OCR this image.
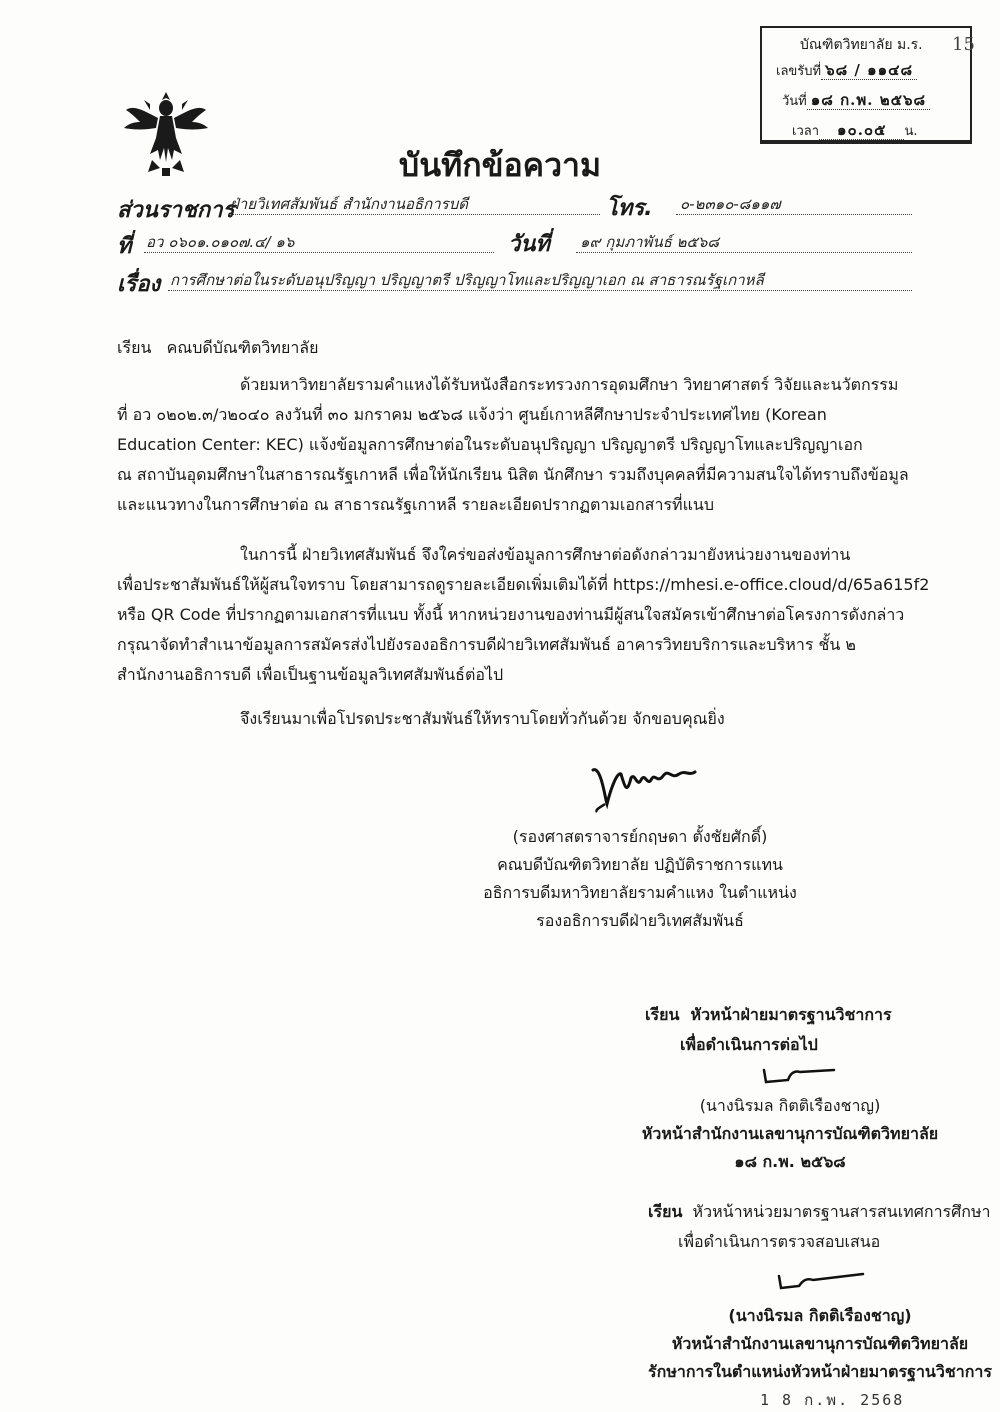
บัณฑิตวิทยาลัย ม.ร.
เลขรับที่ ๖๘ / ๑๑๔๘
วันที่ ๑๘ ก.พ. ๒๕๖๘
เวลา ๑๐.๐๕ น.
15
บันทึกข้อความ
ส่วนราชการ
ฝ่ายวิเทศสัมพันธ์ สำนักงานอธิการบดี	โทร. ๐-๒๓๑๐-๘๑๑๗
ที่ อว ๐๖๐๑.๐๑๐๗.๔/ ๑๖	วันที่ ๑๙ กุมภาพันธ์ ๒๕๖๘
เรื่อง การศึกษาต่อในระดับอนุปริญญา ปริญญาตรี ปริญญาโทและปริญญาเอก ณ สาธารณรัฐเกาหลี
เรียน คณบดีบัณฑิตวิทยาลัย
ด้วยมหาวิทยาลัยรามคำแหงได้รับหนังสือกระทรวงการอุดมศึกษา วิทยาศาสตร์ วิจัยและนวัตกรรม
ที่ อว ๐๒๐๒.๓/ว๒๐๔๐ ลงวันที่ ๓๐ มกราคม ๒๕๖๘ แจ้งว่า ศูนย์เกาหลีศึกษาประจำประเทศไทย (Korean
Education Center: KEC) แจ้งข้อมูลการศึกษาต่อในระดับอนุปริญญา ปริญญาตรี ปริญญาโทและปริญญาเอก
ณ สถาบันอุดมศึกษาในสาธารณรัฐเกาหลี เพื่อให้นักเรียน นิสิต นักศึกษา รวมถึงบุคคลที่มีความสนใจได้ทราบถึงข้อมูล
และแนวทางในการศึกษาต่อ ณ สาธารณรัฐเกาหลี รายละเอียดปรากฏตามเอกสารที่แนบ
ในการนี้ ฝ่ายวิเทศสัมพันธ์ จึงใคร่ขอส่งข้อมูลการศึกษาต่อดังกล่าวมายังหน่วยงานของท่าน
เพื่อประชาสัมพันธ์ให้ผู้สนใจทราบ โดยสามารถดูรายละเอียดเพิ่มเติมได้ที่ https://mhesi.e-office.cloud/d/65a615f2
หรือ QR Code ที่ปรากฏตามเอกสารที่แนบ ทั้งนี้ หากหน่วยงานของท่านมีผู้สนใจสมัครเข้าศึกษาต่อโครงการดังกล่าว
กรุณาจัดทำสำเนาข้อมูลการสมัครส่งไปยังรองอธิการบดีฝ่ายวิเทศสัมพันธ์ อาคารวิทยบริการและบริหาร ชั้น ๒
สำนักงานอธิการบดี เพื่อเป็นฐานข้อมูลวิเทศสัมพันธ์ต่อไป
จึงเรียนมาเพื่อโปรดประชาสัมพันธ์ให้ทราบโดยทั่วกันด้วย จักขอบคุณยิ่ง
(รองศาสตราจารย์กฤษดา ตั้งชัยศักดิ์)
คณบดีบัณฑิตวิทยาลัย ปฏิบัติราชการแทน
อธิการบดีมหาวิทยาลัยรามคำแหง ในตำแหน่ง
รองอธิการบดีฝ่ายวิเทศสัมพันธ์
เรียน หัวหน้าฝ่ายมาตรฐานวิชาการ
เพื่อดำเนินการต่อไป
(นางนิรมล กิตติเรืองชาญ)
หัวหน้าสำนักงานเลขานุการบัณฑิตวิทยาลัย
๑๘ ก.พ. ๒๕๖๘
เรียน หัวหน้าหน่วยมาตรฐานสารสนเทศการศึกษา
เพื่อดำเนินการตรวจสอบเสนอ
(นางนิรมล กิตติเรืองชาญ)
หัวหน้าสำนักงานเลขานุการบัณฑิตวิทยาลัย
รักษาการในตำแหน่งหัวหน้าฝ่ายมาตรฐานวิชาการ
1 8 ก.พ. 2568
